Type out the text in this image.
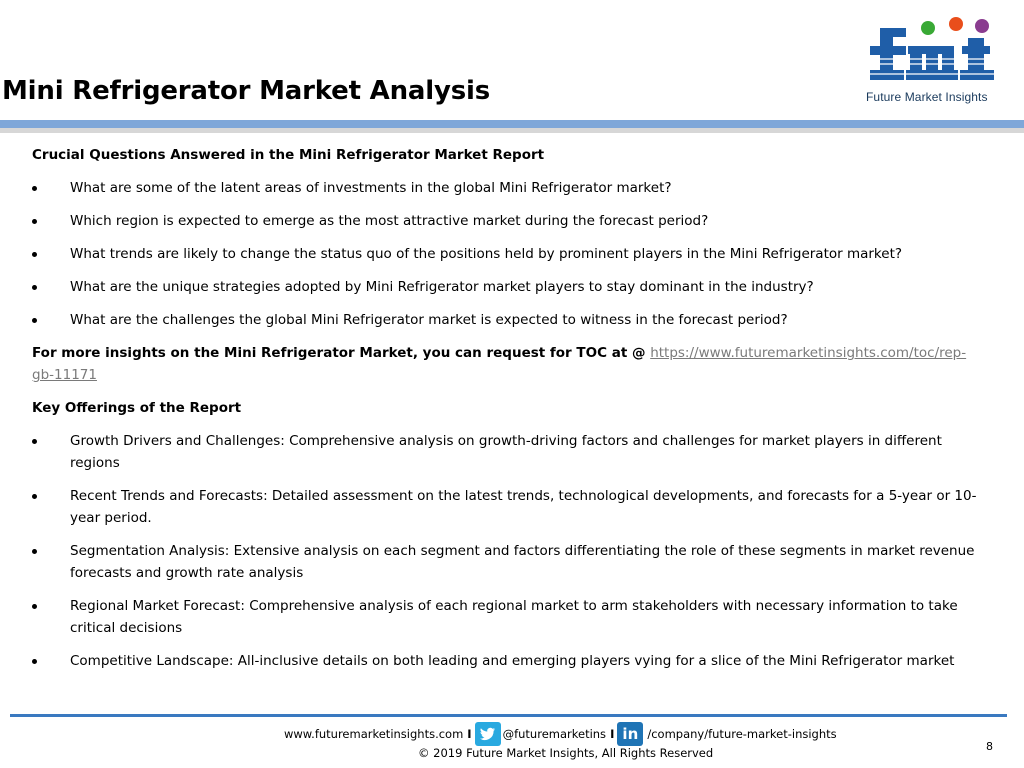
Mini Refrigerator Market Analysis	Future Market Insights

Crucial Questions Answered in the Mini Refrigerator Market Report

What are some of the latent areas of investments in the global Mini Refrigerator market?
Which region is expected to emerge as the most attractive market during the forecast period?
What trends are likely to change the status quo of the positions held by prominent players in the Mini Refrigerator market?
What are the unique strategies adopted by Mini Refrigerator market players to stay dominant in the industry?
What are the challenges the global Mini Refrigerator market is expected to witness in the forecast period?

For more insights on the Mini Refrigerator Market, you can request for TOC at @ https://www.futuremarketinsights.com/toc/rep-gb-11171

Key Offerings of the Report

Growth Drivers and Challenges: Comprehensive analysis on growth-driving factors and challenges for market players in different regions
Recent Trends and Forecasts: Detailed assessment on the latest trends, technological developments, and forecasts for a 5-year or 10-year period.
Segmentation Analysis: Extensive analysis on each segment and factors differentiating the role of these segments in market revenue forecasts and growth rate analysis
Regional Market Forecast: Comprehensive analysis of each regional market to arm stakeholders with necessary information to take critical decisions
Competitive Landscape: All-inclusive details on both leading and emerging players vying for a slice of the Mini Refrigerator market
www.futuremarketinsights.com I	@futuremarketins I in /company/future-market-insights
© 2019 Future Market Insights, All Rights Reserved	8
